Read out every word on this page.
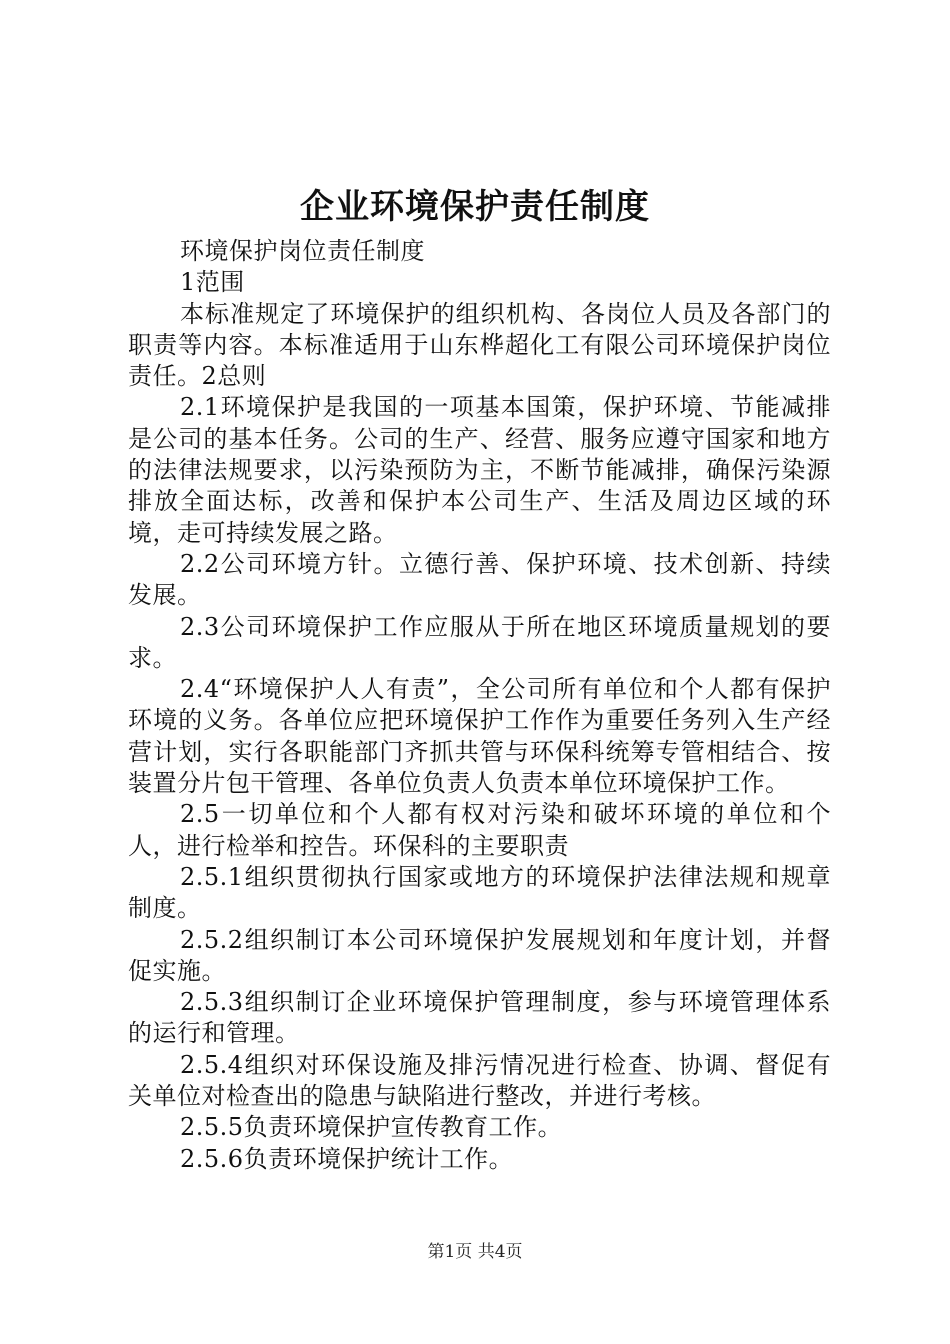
企业环境保护责任制度

环境保护岗位责任制度

1范围

本标准规定了环境保护的组织机构、各岗位人员及各部门的职责等内容。本标准适用于山东桦超化工有限公司环境保护岗位责任。2总则

2.1环境保护是我国的一项基本国策，保护环境、节能减排是公司的基本任务。公司的生产、经营、服务应遵守国家和地方的法律法规要求，以污染预防为主，不断节能减排，确保污染源排放全面达标，改善和保护本公司生产、生活及周边区域的环境，走可持续发展之路。

2.2公司环境方针。立德行善、保护环境、技术创新、持续发展。

2.3公司环境保护工作应服从于所在地区环境质量规划的要求。

2.4“环境保护人人有责”，全公司所有单位和个人都有保护环境的义务。各单位应把环境保护工作作为重要任务列入生产经营计划，实行各职能部门齐抓共管与环保科统筹专管相结合、按装置分片包干管理、各单位负责人负责本单位环境保护工作。

2.5一切单位和个人都有权对污染和破坏环境的单位和个人，进行检举和控告。环保科的主要职责

2.5.1组织贯彻执行国家或地方的环境保护法律法规和规章制度。

2.5.2组织制订本公司环境保护发展规划和年度计划，并督促实施。

2.5.3组织制订企业环境保护管理制度，参与环境管理体系的运行和管理。

2.5.4组织对环保设施及排污情况进行检查、协调、督促有关单位对检查出的隐患与缺陷进行整改，并进行考核。

2.5.5负责环境保护宣传教育工作。

2.5.6负责环境保护统计工作。

第1页 共4页
